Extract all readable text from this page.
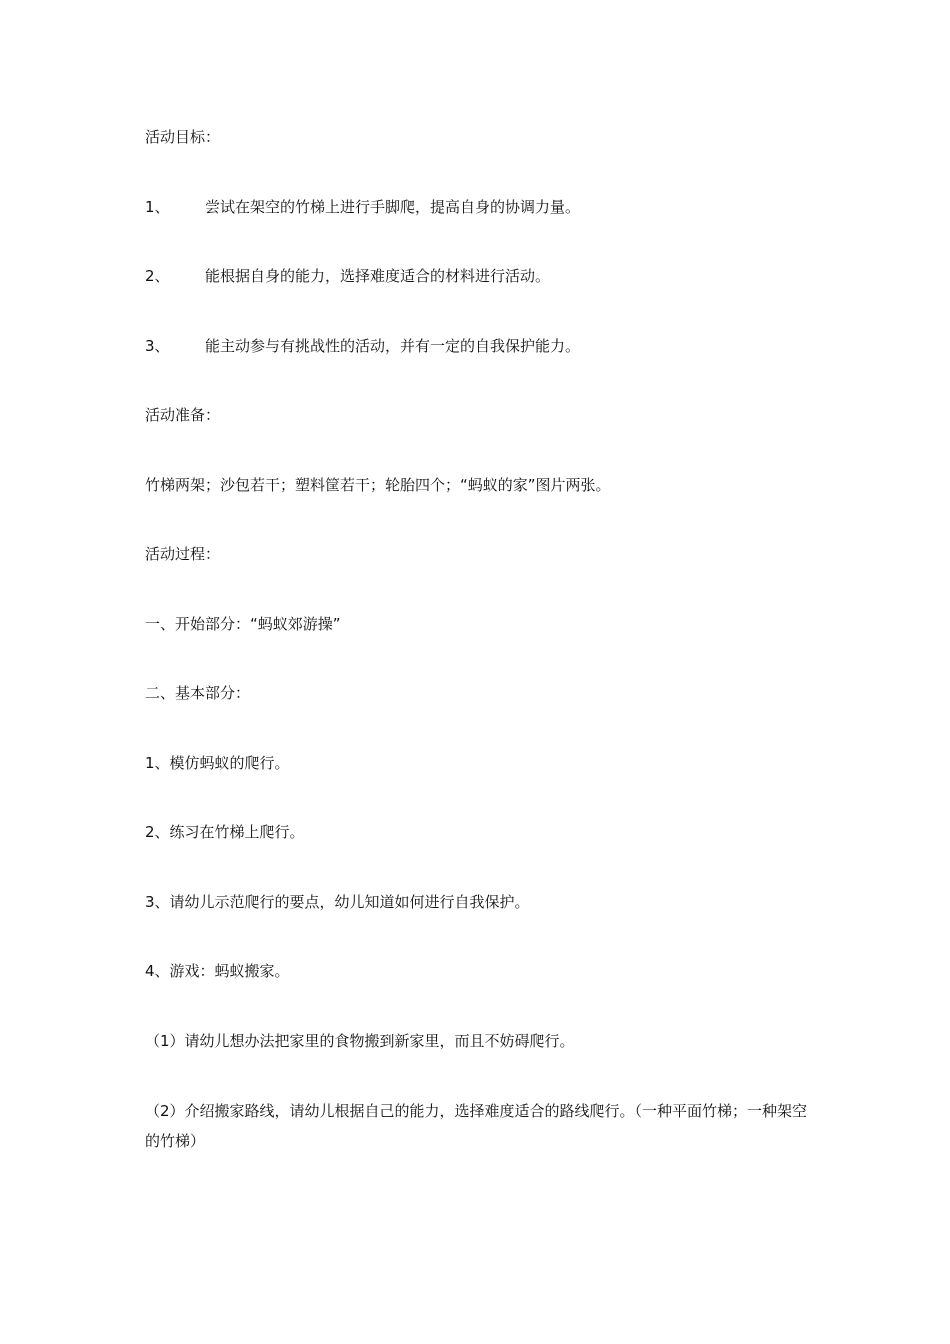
活动目标：
1、 尝试在架空的竹梯上进行手脚爬，提高自身的协调力量。
2、 能根据自身的能力，选择难度适合的材料进行活动。
3、 能主动参与有挑战性的活动，并有一定的自我保护能力。
活动准备：
竹梯两架；沙包若干；塑料筐若干；轮胎四个；“蚂蚁的家”图片两张。
活动过程：
一、开始部分：“蚂蚁郊游操”
二、基本部分：
1、模仿蚂蚁的爬行。
2、练习在竹梯上爬行。
3、请幼儿示范爬行的要点，幼儿知道如何进行自我保护。
4、游戏：蚂蚁搬家。
（1）请幼儿想办法把家里的食物搬到新家里，而且不妨碍爬行。
（2）介绍搬家路线，请幼儿根据自己的能力，选择难度适合的路线爬行。（一种平面竹梯；一种架空的竹梯）
